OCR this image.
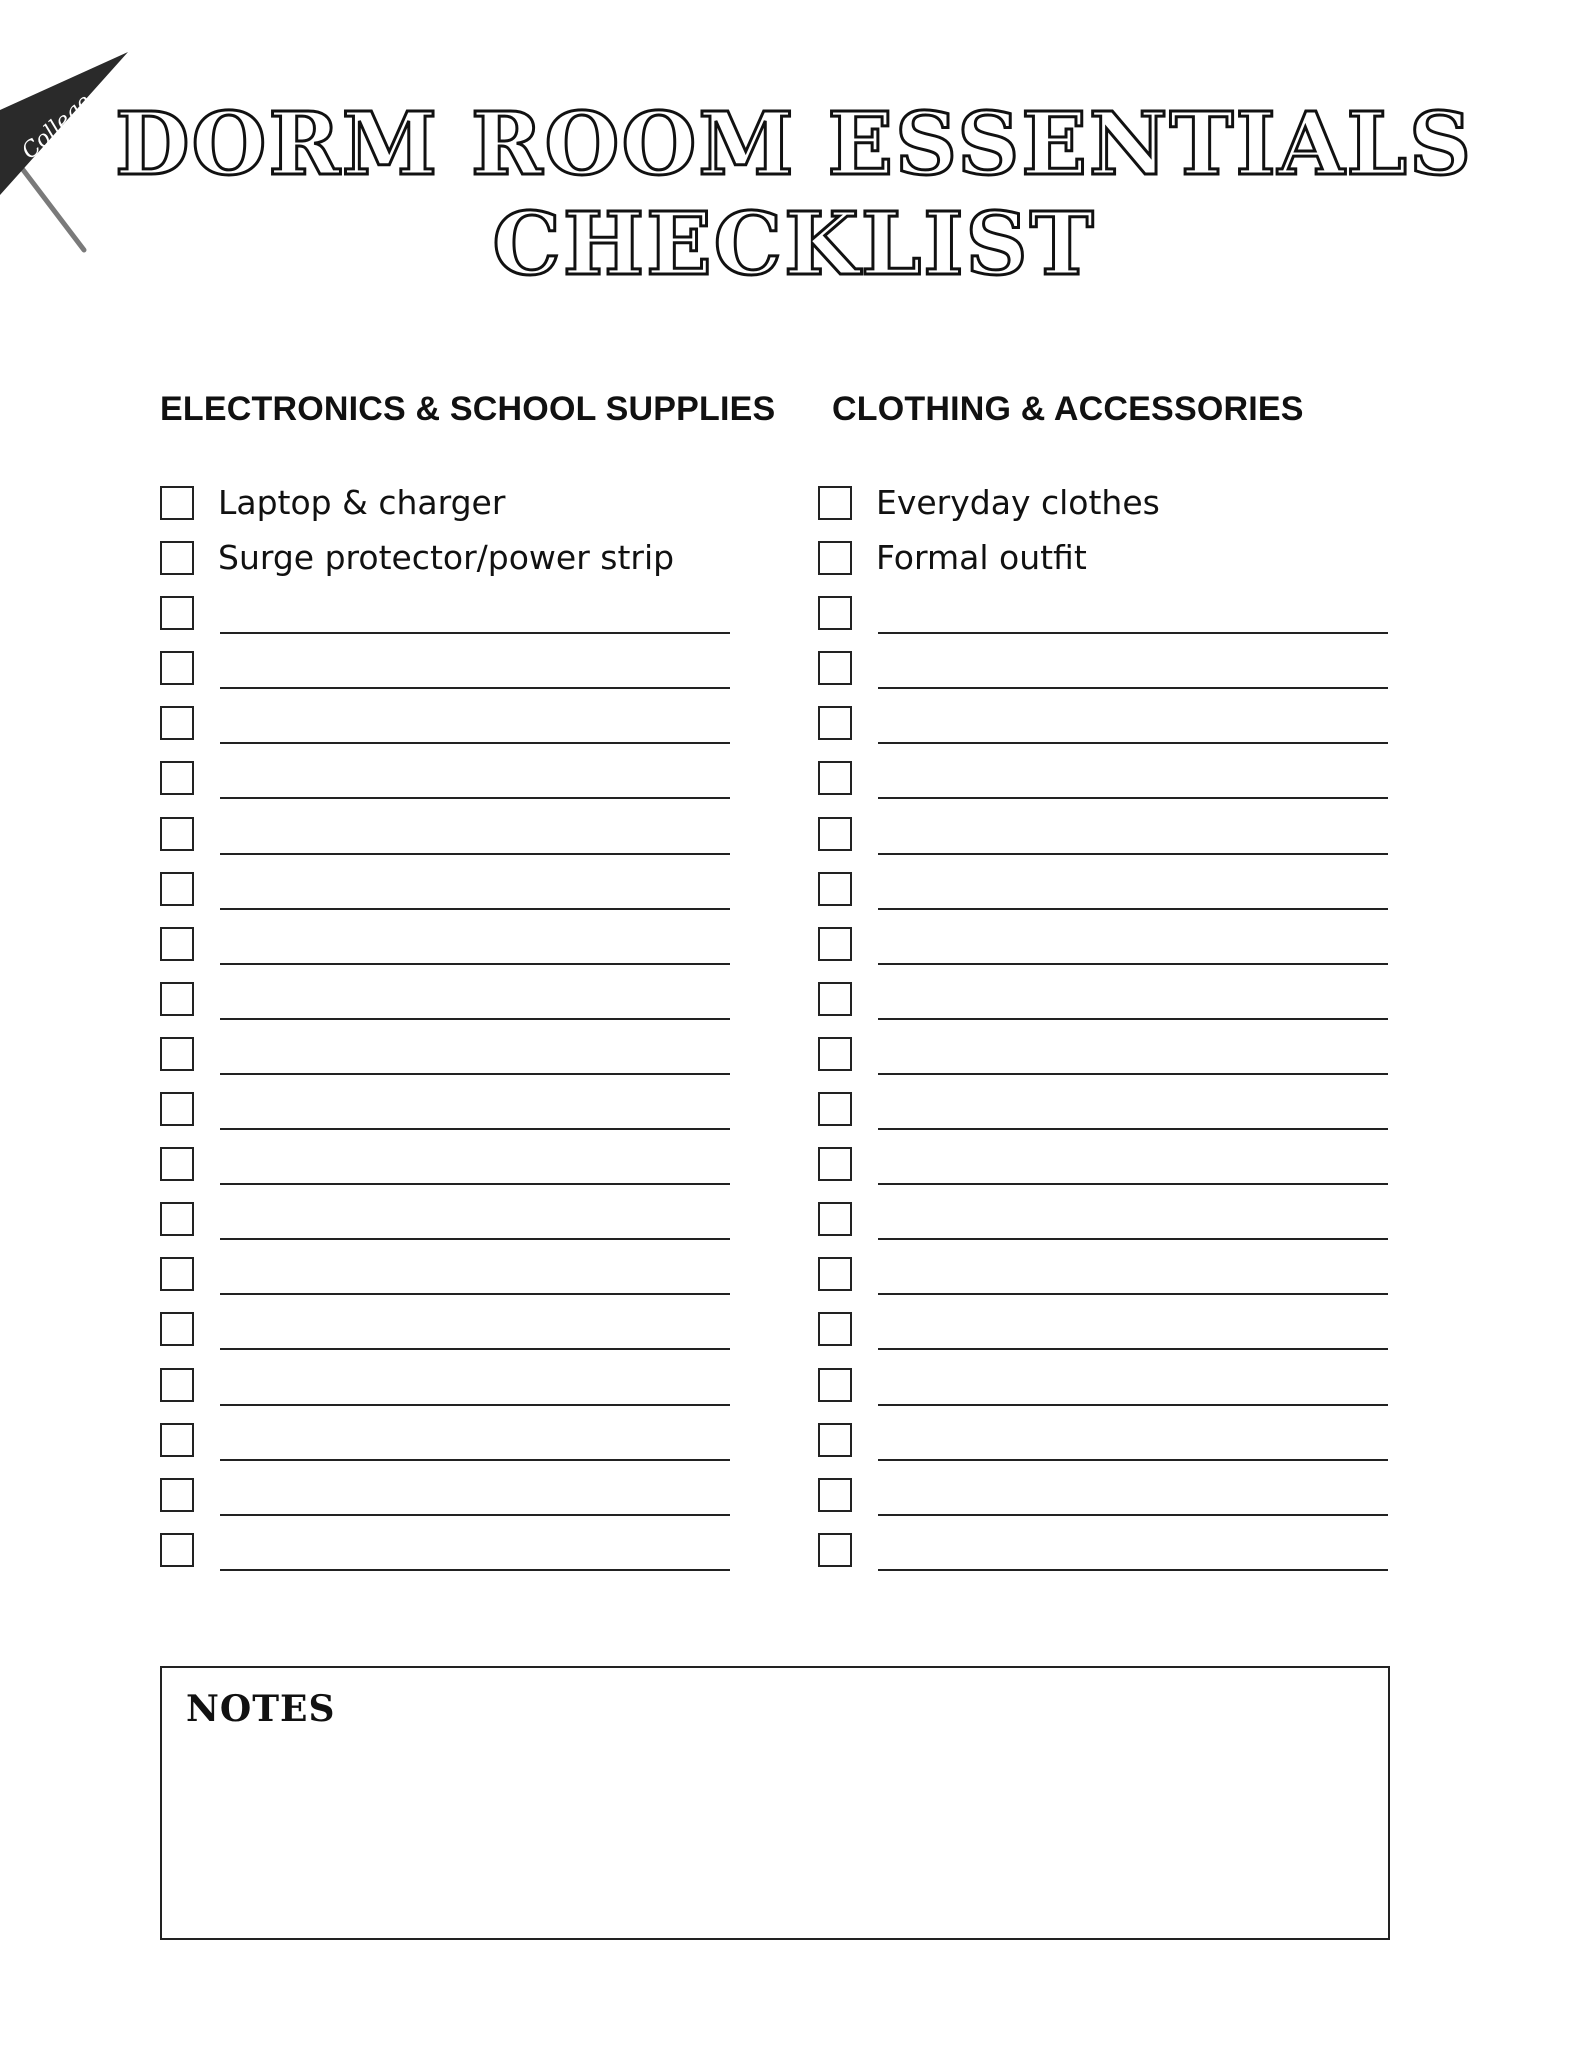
College DORM ROOM ESSENTIALS
CHECKLIST
ELECTRONICS & SCHOOL SUPPLIES CLOTHING & ACCESSORIES
Laptop & charger
Surge protector/power strip
Everyday clothes
Formal outfit
NOTES
